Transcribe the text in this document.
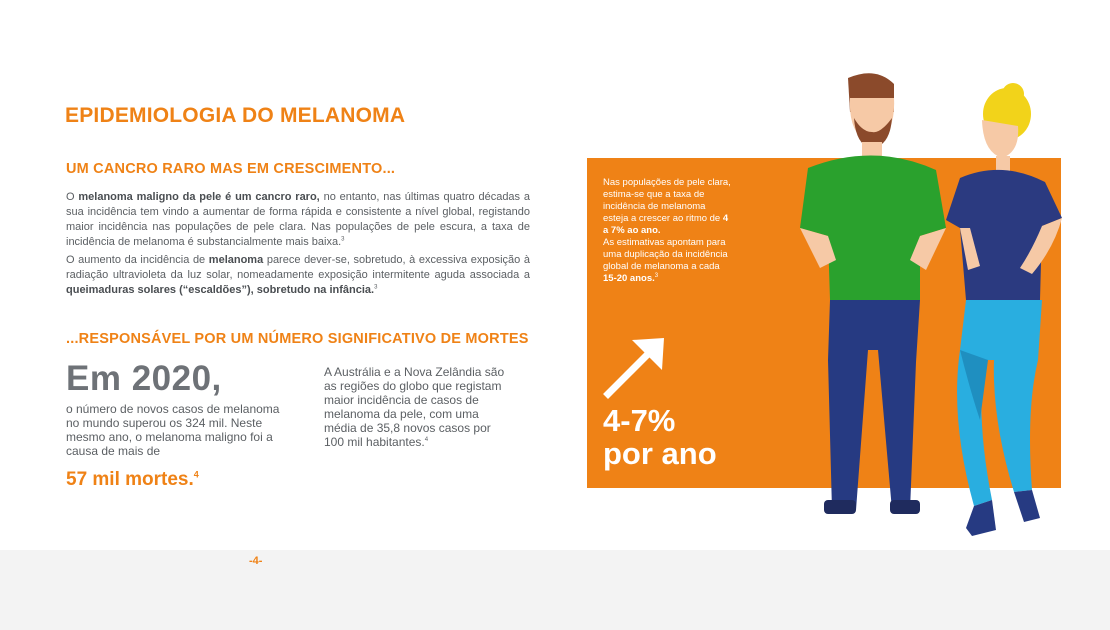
EPIDEMIOLOGIA DO MELANOMA
UM CANCRO RARO MAS EM CRESCIMENTO...

O melanoma maligno da pele é um cancro raro, no entanto, nas últimas quatro décadas a sua incidência tem vindo a aumentar de forma rápida e consistente a nível global, registando maior incidência nas populações de pele clara. Nas populações de pele escura, a taxa de incidência de melanoma é substancialmente mais baixa.$^3$

O aumento da incidência de melanoma parece dever-se, sobretudo, à excessiva exposição à radiação ultravioleta da luz solar, nomeadamente exposição intermitente aguda associada a queimaduras solares (“escaldões”), sobretudo na infância.$^3$

...RESPONSÁVEL POR UM NÚMERO SIGNIFICATIVO DE MORTES
Em 2020,

o número de novos casos de melanoma no mundo superou os 324 mil. Neste mesmo ano, o melanoma maligno foi a causa de mais de

57 mil mortes.$^4$

A Austrália e a Nova Zelândia são as regiões do globo que registam maior incidência de casos de melanoma da pele, com uma média de 35,8 novos casos por 100 mil habitantes.$^4$

Nas populações de pele clara, estima-se que a taxa de incidência de melanoma esteja a crescer ao ritmo de 4 a 7% ao ano.
As estimativas apontam para uma duplicação da incidência global de melanoma a cada 15-20 anos.$^3$

4-7%
por ano
-4-
